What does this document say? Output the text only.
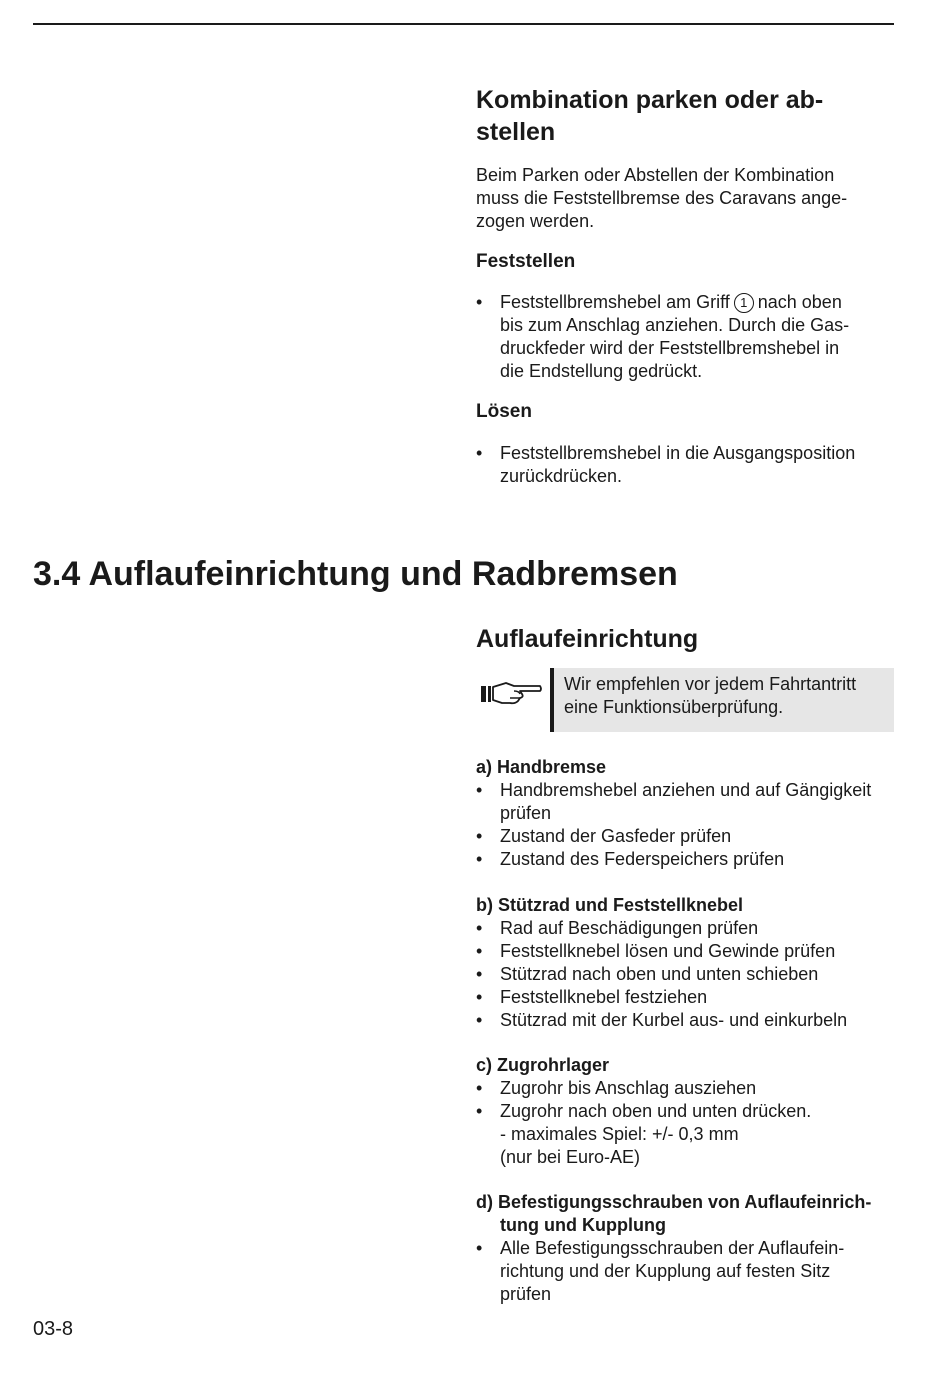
Kombination parken oder ab-
stellen

Beim Parken oder Abstellen der Kombination
muss die Feststellbremse des Caravans ange-
zogen werden.

Feststellen
• Feststellbremshebel am Griff 1 nach oben
bis zum Anschlag anziehen. Durch die Gas-
druckfeder wird der Feststellbremshebel in
die Endstellung gedrückt.
Lösen
• Feststellbremshebel in die Ausgangsposition
zurückdrücken.
3.4 Auflaufeinrichtung und Radbremsen
Auflaufeinrichtung
Wir empfehlen vor jedem Fahrtantritt
eine Funktionsüberprüfung.
a) Handbremse
• Handbremshebel anziehen und auf Gängigkeit
prüfen
• Zustand der Gasfeder prüfen
• Zustand des Federspeichers prüfen
b) Stützrad und Feststellknebel
• Rad auf Beschädigungen prüfen
• Feststellknebel lösen und Gewinde prüfen
• Stützrad nach oben und unten schieben
• Feststellknebel festziehen
• Stützrad mit der Kurbel aus- und einkurbeln
c) Zugrohrlager
• Zugrohr bis Anschlag ausziehen
• Zugrohr nach oben und unten drücken.
- maximales Spiel: +/- 0,3 mm
(nur bei Euro-AE)
d) Befestigungsschrauben von Auflaufeinrich-
tung und Kupplung
• Alle Befestigungsschrauben der Auflaufein-
richtung und der Kupplung auf festen Sitz
prüfen
03-8
